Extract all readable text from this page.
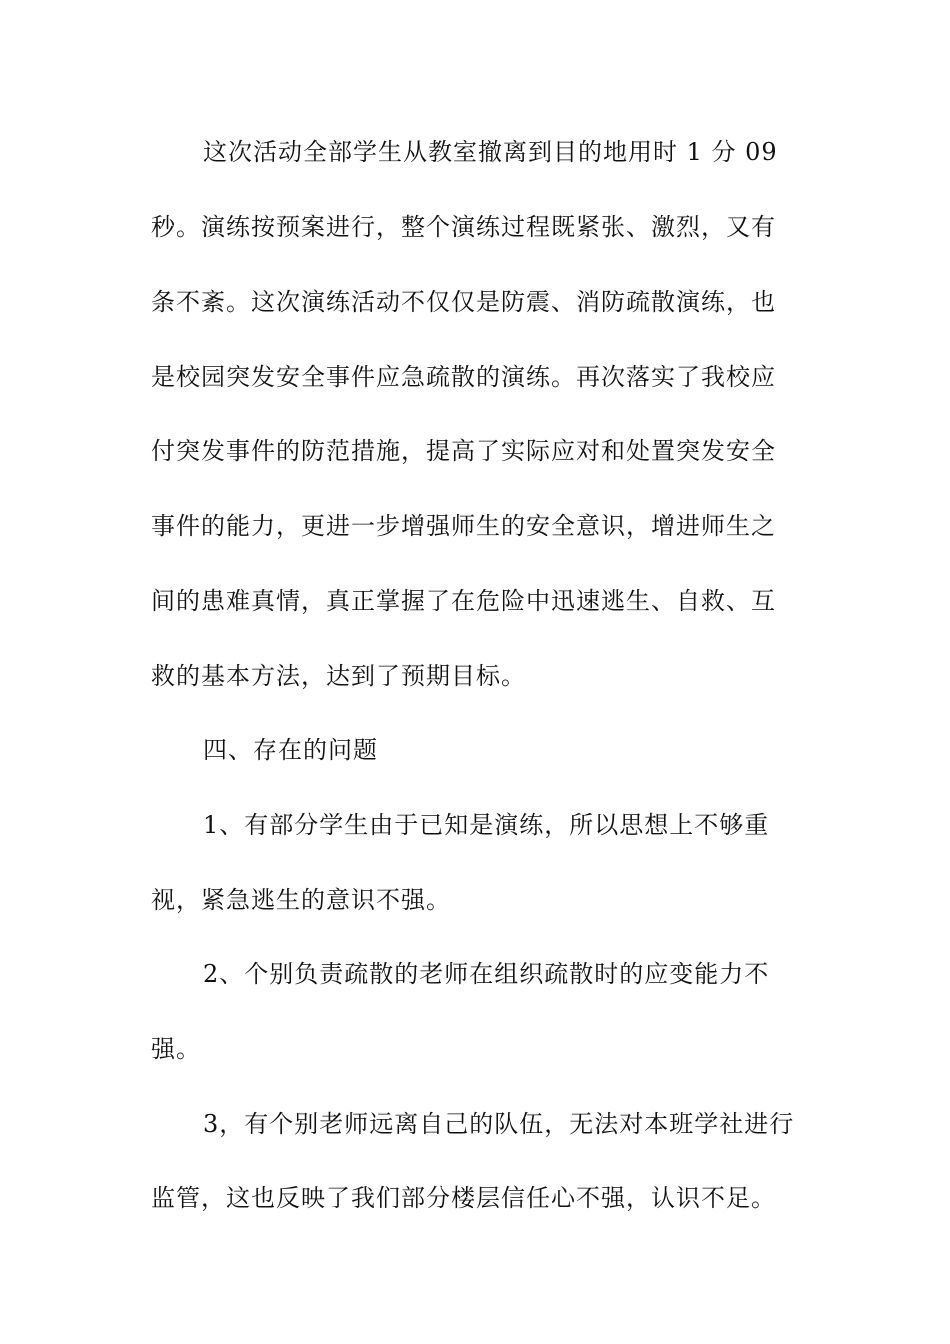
这次活动全部学生从教室撤离到目的地用时 1 分 09
秒。演练按预案进行，整个演练过程既紧张、激烈，又有
条不紊。这次演练活动不仅仅是防震、消防疏散演练，也
是校园突发安全事件应急疏散的演练。再次落实了我校应
付突发事件的防范措施，提高了实际应对和处置突发安全
事件的能力，更进一步增强师生的安全意识，增进师生之
间的患难真情，真正掌握了在危险中迅速逃生、自救、互
救的基本方法，达到了预期目标。
四、存在的问题
1、有部分学生由于已知是演练，所以思想上不够重
视，紧急逃生的意识不强。
2、个别负责疏散的老师在组织疏散时的应变能力不
强。
3，有个别老师远离自己的队伍，无法对本班学社进行
监管，这也反映了我们部分楼层信任心不强，认识不足。
